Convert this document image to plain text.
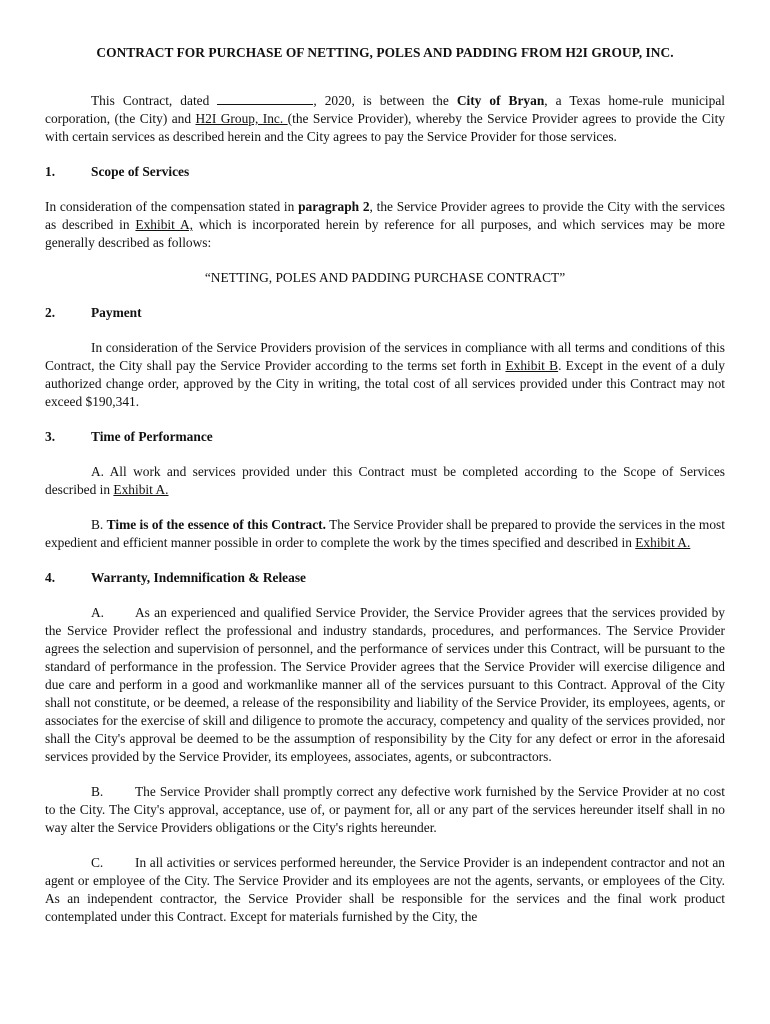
CONTRACT FOR PURCHASE OF NETTING, POLES AND PADDING FROM H2I GROUP, INC.

This Contract, dated	, 2020, is between the City of Bryan, a Texas home-rule municipal corporation, (the City) and H2I Group, Inc. (the Service Provider), whereby the Service Provider agrees to provide the City with certain services as described herein and the City agrees to pay the Service Provider for those services.

1.	Scope of Services

In consideration of the compensation stated in paragraph 2, the Service Provider agrees to provide the City with the services as described in Exhibit A, which is incorporated herein by reference for all purposes, and which services may be more generally described as follows:

“NETTING, POLES AND PADDING PURCHASE CONTRACT”

2.	Payment

In consideration of the Service Providers provision of the services in compliance with all terms and conditions of this Contract, the City shall pay the Service Provider according to the terms set forth in Exhibit B. Except in the event of a duly authorized change order, approved by the City in writing, the total cost of all services provided under this Contract may not exceed $190,341.

3.	Time of Performance

A. All work and services provided under this Contract must be completed according to the Scope of Services described in Exhibit A.

B. Time is of the essence of this Contract. The Service Provider shall be prepared to provide the services in the most expedient and efficient manner possible in order to complete the work by the times specified and described in Exhibit A.

4.	Warranty, Indemnification & Release

A. As an experienced and qualified Service Provider, the Service Provider agrees that the services provided by the Service Provider reflect the professional and industry standards, procedures, and performances. The Service Provider agrees the selection and supervision of personnel, and the performance of services under this Contract, will be pursuant to the standard of performance in the profession. The Service Provider agrees that the Service Provider will exercise diligence and due care and perform in a good and workmanlike manner all of the services pursuant to this Contract. Approval of the City shall not constitute, or be deemed, a release of the responsibility and liability of the Service Provider, its employees, agents, or associates for the exercise of skill and diligence to promote the accuracy, competency and quality of the services provided, nor shall the City's approval be deemed to be the assumption of responsibility by the City for any defect or error in the aforesaid services provided by the Service Provider, its employees, associates, agents, or subcontractors.

B. The Service Provider shall promptly correct any defective work furnished by the Service Provider at no cost to the City. The City's approval, acceptance, use of, or payment for, all or any part of the services hereunder itself shall in no way alter the Service Providers obligations or the City's rights hereunder.

C. In all activities or services performed hereunder, the Service Provider is an independent contractor and not an agent or employee of the City. The Service Provider and its employees are not the agents, servants, or employees of the City. As an independent contractor, the Service Provider shall be responsible for the services and the final work product contemplated under this Contract. Except for materials furnished by the City, the
